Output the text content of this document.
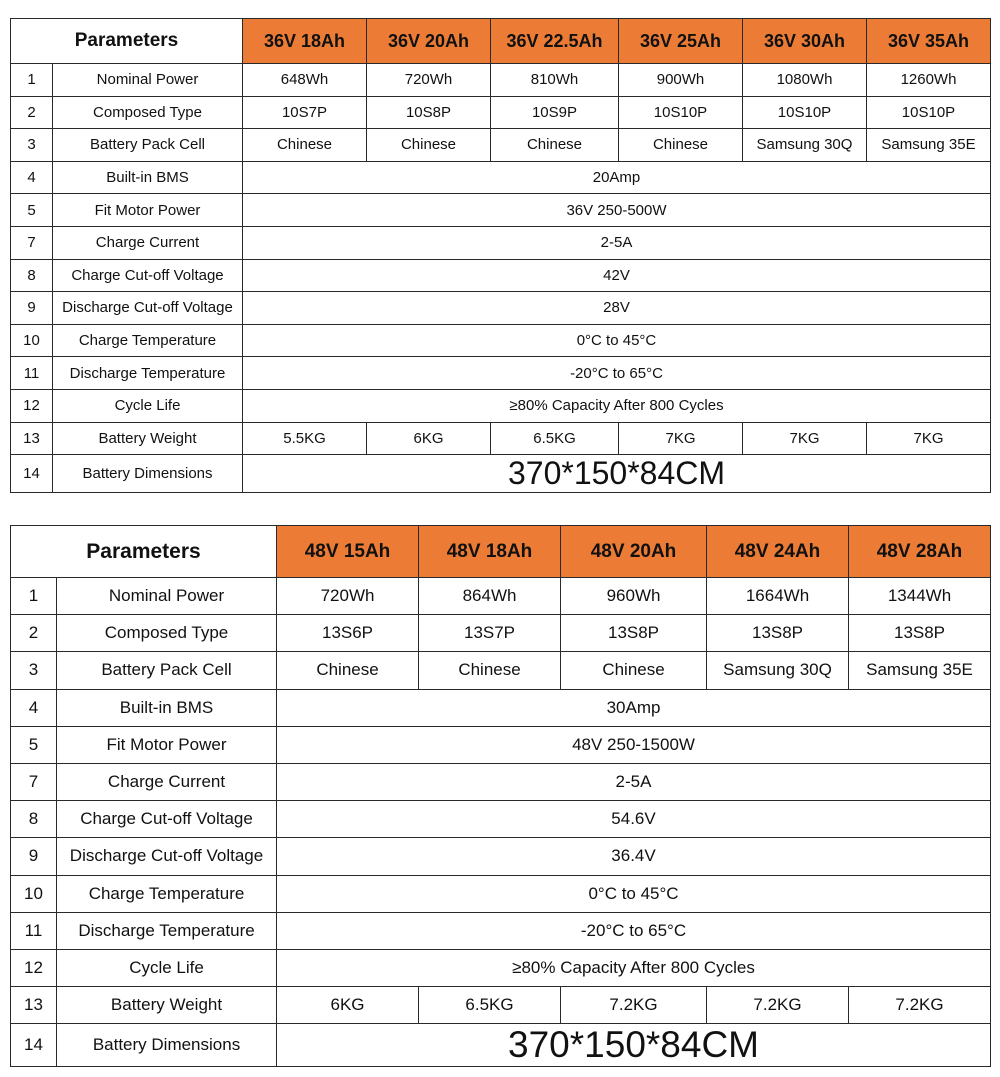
Parameters		36V 18Ah	36V 20Ah	36V 22.5Ah	36V 25Ah	36V 30Ah	36V 35Ah
1	Nominal Power	648Wh	720Wh	810Wh	900Wh	1080Wh	1260Wh
2	Composed Type	10S7P	10S8P	10S9P	10S10P	10S10P	10S10P
3	Battery Pack Cell	Chinese	Chinese	Chinese	Chinese	Samsung 30Q	Samsung 35E
4	Built-in BMS	20Amp					
5	Fit Motor Power	36V 250-500W					
7	Charge Current	2-5A					
8	Charge Cut-off Voltage	42V					
9	Discharge Cut-off Voltage	28V					
10	Charge Temperature	0°C to 45°C					
11	Discharge Temperature	-20°C to 65°C					
12	Cycle Life	≥80% Capacity After 800 Cycles					
13	Battery Weight	5.5KG	6KG	6.5KG	7KG	7KG	7KG
14	Battery Dimensions	370*150*84CM					
Parameters		48V 15Ah	48V 18Ah	48V 20Ah	48V 24Ah	48V 28Ah
1	Nominal Power	720Wh	864Wh	960Wh	1664Wh	1344Wh
2	Composed Type	13S6P	13S7P	13S8P	13S8P	13S8P
3	Battery Pack Cell	Chinese	Chinese	Chinese	Samsung 30Q	Samsung 35E
4	Built-in BMS	30Amp				
5	Fit Motor Power	48V 250-1500W				
7	Charge Current	2-5A				
8	Charge Cut-off Voltage	54.6V				
9	Discharge Cut-off Voltage	36.4V				
10	Charge Temperature	0°C to 45°C				
11	Discharge Temperature	-20°C to 65°C				
12	Cycle Life	≥80% Capacity After 800 Cycles				
13	Battery Weight	6KG	6.5KG	7.2KG	7.2KG	7.2KG
14	Battery Dimensions	370*150*84CM				
